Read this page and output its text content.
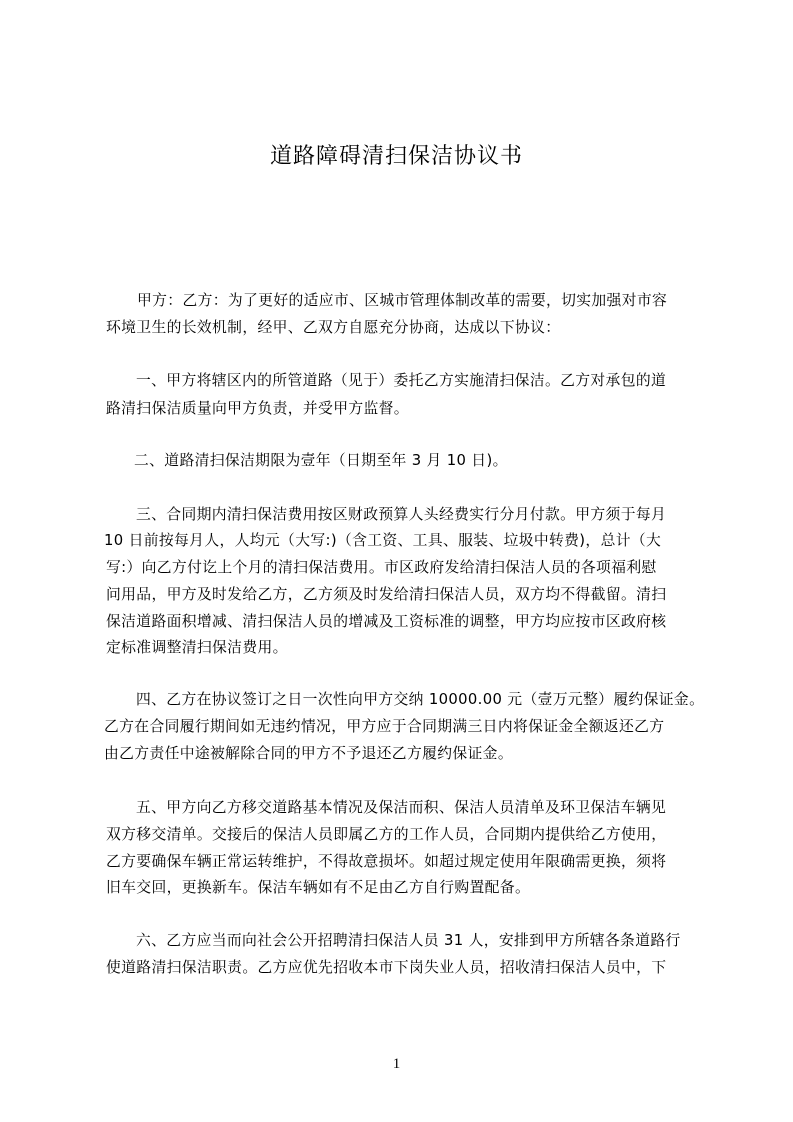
道路障碍清扫保洁协议书
甲方：乙方：为了更好的适应市、区城市管理体制改革的需要，切实加强对市容
环境卫生的长效机制，经甲、乙双方自愿充分协商，达成以下协议：
一、甲方将辖区内的所管道路（见于）委托乙方实施清扫保洁。乙方对承包的道
路清扫保洁质量向甲方负责，并受甲方监督。
二、道路清扫保洁期限为壹年（日期至年 3 月 10 日)。
三、合同期内清扫保洁费用按区财政预算人头经费实行分月付款。甲方须于每月
10 日前按每月人，人均元（大写:)（含工资、工具、服装、垃圾中转费)，总计（大
写:）向乙方付讫上个月的清扫保洁费用。市区政府发给清扫保洁人员的各项福利慰
问用品，甲方及时发给乙方，乙方须及时发给清扫保洁人员，双方均不得截留。清扫
保洁道路面积增减、清扫保洁人员的增减及工资标准的调整，甲方均应按市区政府核
定标准调整清扫保洁费用。
四、乙方在协议签订之日一次性向甲方交纳 10000.00 元（壹万元整）履约保证金。
乙方在合同履行期间如无违约情况，甲方应于合同期满三日内将保证金全额返还乙方
由乙方责任中途被解除合同的甲方不予退还乙方履约保证金。
五、甲方向乙方移交道路基本情况及保洁而积、保洁人员清单及环卫保洁车辆见
双方移交清单。交接后的保洁人员即属乙方的工作人员，合同期内提供给乙方使用，
乙方要确保车辆正常运转维护，不得故意损坏。如超过规定使用年限确需更换，须将
旧车交回，更换新车。保洁车辆如有不足由乙方自行购置配备。
六、乙方应当而向社会公开招聘清扫保洁人员 31 人，安排到甲方所辖各条道路行
使道路清扫保洁职责。乙方应优先招收本市下岗失业人员，招收清扫保洁人员中，下
1
